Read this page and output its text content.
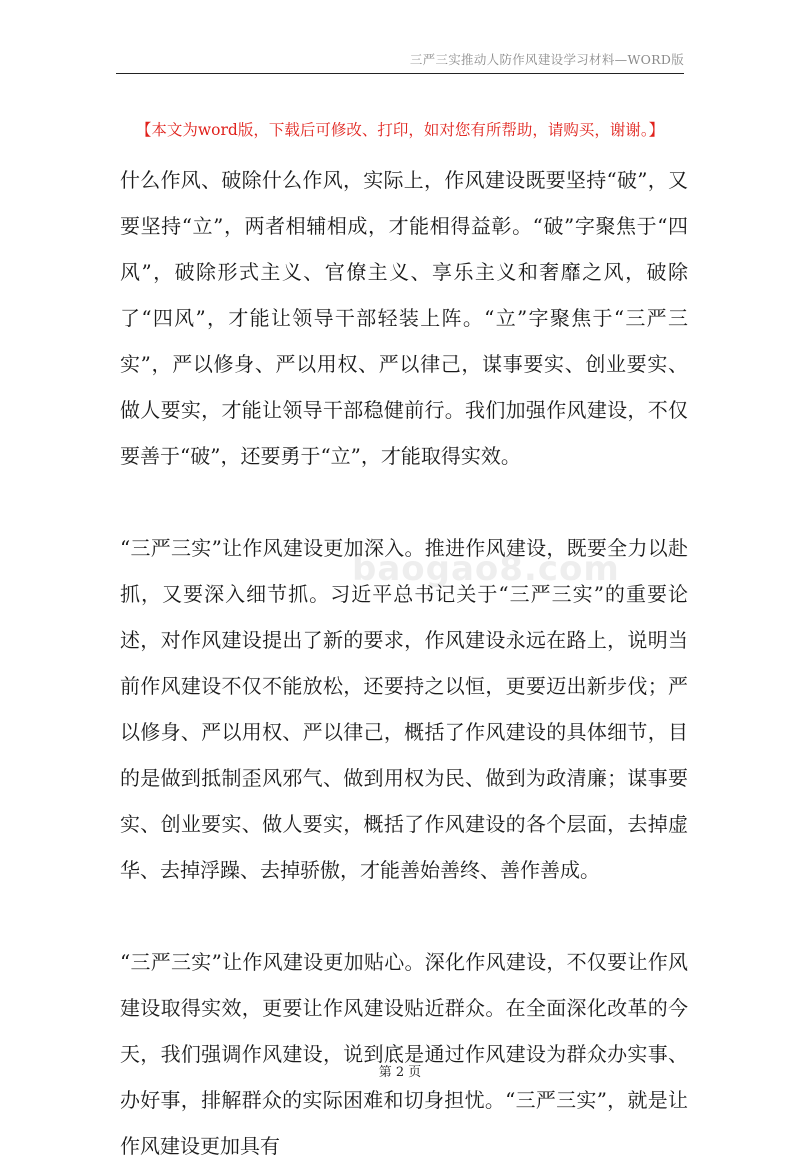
三严三实推动人防作风建设学习材料—WORD版
【本文为word版，下载后可修改、打印，如对您有所帮助，请购买，谢谢。】
baogao8.com

什么作风、破除什么作风，实际上，作风建设既要坚持“破”，又要坚持“立”，两者相辅相成，才能相得益彰。“破”字聚焦于“四风”，破除形式主义、官僚主义、享乐主义和奢靡之风，破除了“四风”，才能让领导干部轻装上阵。“立”字聚焦于“三严三实”，严以修身、严以用权、严以律己，谋事要实、创业要实、做人要实，才能让领导干部稳健前行。我们加强作风建设，不仅要善于“破”，还要勇于“立”，才能取得实效。

“三严三实”让作风建设更加深入。推进作风建设，既要全力以赴抓，又要深入细节抓。习近平总书记关于“三严三实”的重要论述，对作风建设提出了新的要求，作风建设永远在路上，说明当前作风建设不仅不能放松，还要持之以恒，更要迈出新步伐；严以修身、严以用权、严以律己，概括了作风建设的具体细节，目的是做到抵制歪风邪气、做到用权为民、做到为政清廉；谋事要实、创业要实、做人要实，概括了作风建设的各个层面，去掉虚华、去掉浮躁、去掉骄傲，才能善始善终、善作善成。

“三严三实”让作风建设更加贴心。深化作风建设，不仅要让作风建设取得实效，更要让作风建设贴近群众。在全面深化改革的今天，我们强调作风建设，说到底是通过作风建设为群众办实事、办好事，排解群众的实际困难和切身担忧。“三严三实”，就是让作风建设更加具有

第 2 页
